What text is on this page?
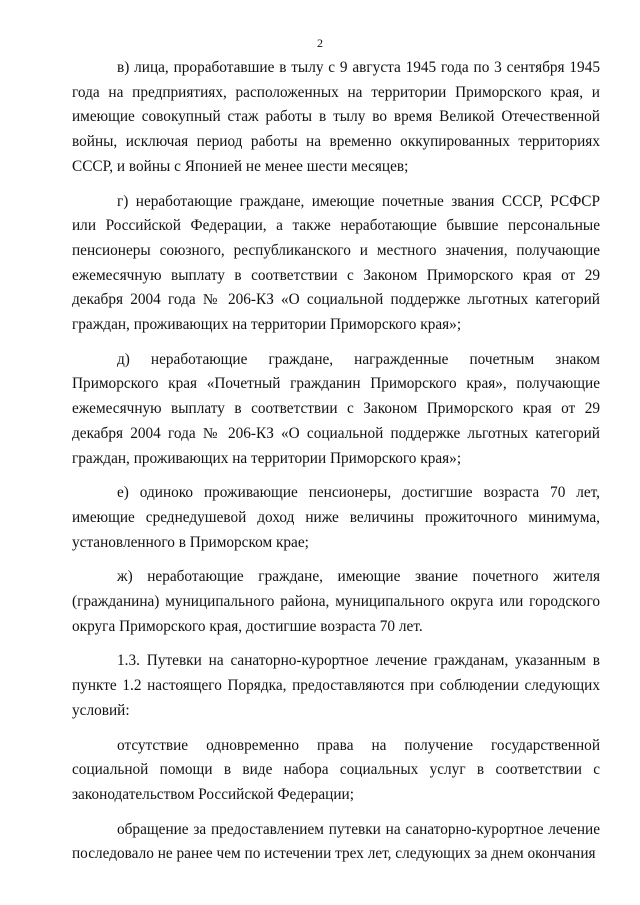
2

в) лица, проработавшие в тылу с 9 августа 1945 года по 3 сентября 1945 года на предприятиях, расположенных на территории Приморского края, и имеющие совокупный стаж работы в тылу во время Великой Отечественной войны, исключая период работы на временно оккупированных территориях СССР, и войны с Японией не менее шести месяцев;

г) неработающие граждане, имеющие почетные звания СССР, РСФСР или Российской Федерации, а также неработающие бывшие персональные пенсионеры союзного, республиканского и местного значения, получающие ежемесячную выплату в соответствии с Законом Приморского края от 29 декабря 2004 года № 206-КЗ «О социальной поддержке льготных категорий граждан, проживающих на территории Приморского края»;

д) неработающие граждане, награжденные почетным знаком Приморского края «Почетный гражданин Приморского края», получающие ежемесячную выплату в соответствии с Законом Приморского края от 29 декабря 2004 года № 206-КЗ «О социальной поддержке льготных категорий граждан, проживающих на территории Приморского края»;

е) одиноко проживающие пенсионеры, достигшие возраста 70 лет, имеющие среднедушевой доход ниже величины прожиточного минимума, установленного в Приморском крае;

ж) неработающие граждане, имеющие звание почетного жителя (гражданина) муниципального района, муниципального округа или городского округа Приморского края, достигшие возраста 70 лет.

1.3. Путевки на санаторно-курортное лечение гражданам, указанным в пункте 1.2 настоящего Порядка, предоставляются при соблюдении следующих условий:

отсутствие одновременно права на получение государственной социальной помощи в виде набора социальных услуг в соответствии с законодательством Российской Федерации;

обращение за предоставлением путевки на санаторно-курортное лечение последовало не ранее чем по истечении трех лет, следующих за днем окончания
